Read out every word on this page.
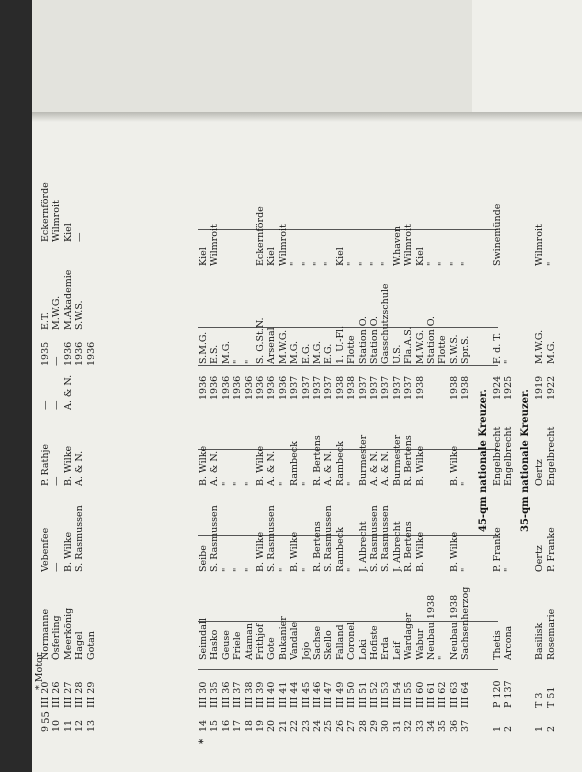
9
III 20
Normanne
Vebenfee
P. Rathje
—
1935
E.T.
Eckernförde
10
III 26
Ösferling
—
—
—
—
M.W.G.
Wilmroit
11
III 27
Meerkönig
B. Wilke
B. Wilke
A. & N.
1936
M.Akademie
Kiel
12
III 28
Hagel
S. Rasmussen
A. & N.
1936
S.W.S.
—
13
III 29
Gotan
1936
*
14
III 30
Seimdall
Seibe
B. Wilke
1936
S.M.G.
Kiel
15
III 35
Hasko
S. Rasmussen
A. & N.
1936
E.S.
Wilmroit
16
III 36
Geuse
"
"
1936
M.G.
17
III 37
Friele
"
"
1936
"
18
III 38
Ataman
"
"
1936
"
19
III 39
Frithjof
B. Wilke
B. Wilke
1936
S. G.St.N.
Eckernförde
20
III 40
Gote
S. Rasmussen
A. & N.
1936
Arsenal
Kiel
21
III 41
Bukanier
"
"
1936
M.W.G.
Wilmroit
22
III 44
Vandale
B. Wilke
Rambeck
1937
M.G.
"
23
III 45
Jojo
"
"
1937
E.G.
"
24
III 46
Sachse
R. Bertens
R. Bertens
1937
M.G.
"
25
III 47
Skello
S. Rasmussen
A. & N.
1937
E.G.
"
26
III 49
Falland
Rambeck
Rambeck
1938
1. U.-Fl.
Kiel
27
III 50
Coronel
"
"
1938
Flotte
"
28
III 51
Loki
J. Albrecht
Burmester
1937
Station O.
"
29
III 52
Hofiste
S. Rasmussen
A. & N.
1937
Station O.
"
30
III 53
Erda
S. Rasmussen
A. & N.
1937
Gasschutzschule
"
31
III 54
Leif
J. Albrecht
Burmester
1937
U.S.
W.haven
32
III 55
Wardager
R. Bertens
R. Bertens
1937
Fla.A.S.
Wilmroit
33
III 60
Wabur
B. Wilke
B. Wilke
1938
M.W.G.
Kiel
34
III 61
Neubau 1938
Station O.
"
35
III 62
"
Flotte
"
36
III 63
Neubau 1938
B. Wilke
B. Wilke
1938
S.W.S.
"
37
III 64
Sachsenherzog
"
"
1938
Spr.S.
"
45-qm nationale Kreuzer.
1
P 120
Thetis
P. Franke
Engelbrecht
1924
F. d. T.
Swinemünde
2
P 137
Arcona
"
Engelbrecht
1925
"
35-qm nationale Kreuzer.
1
T 3
Basilisk
Oertz
Oertz
1919
M.W.G.
Wilmroit
2
T 51
Rosemarie
P. Franke
Engelbrecht
1922
M.G.
"
55
* Motor
